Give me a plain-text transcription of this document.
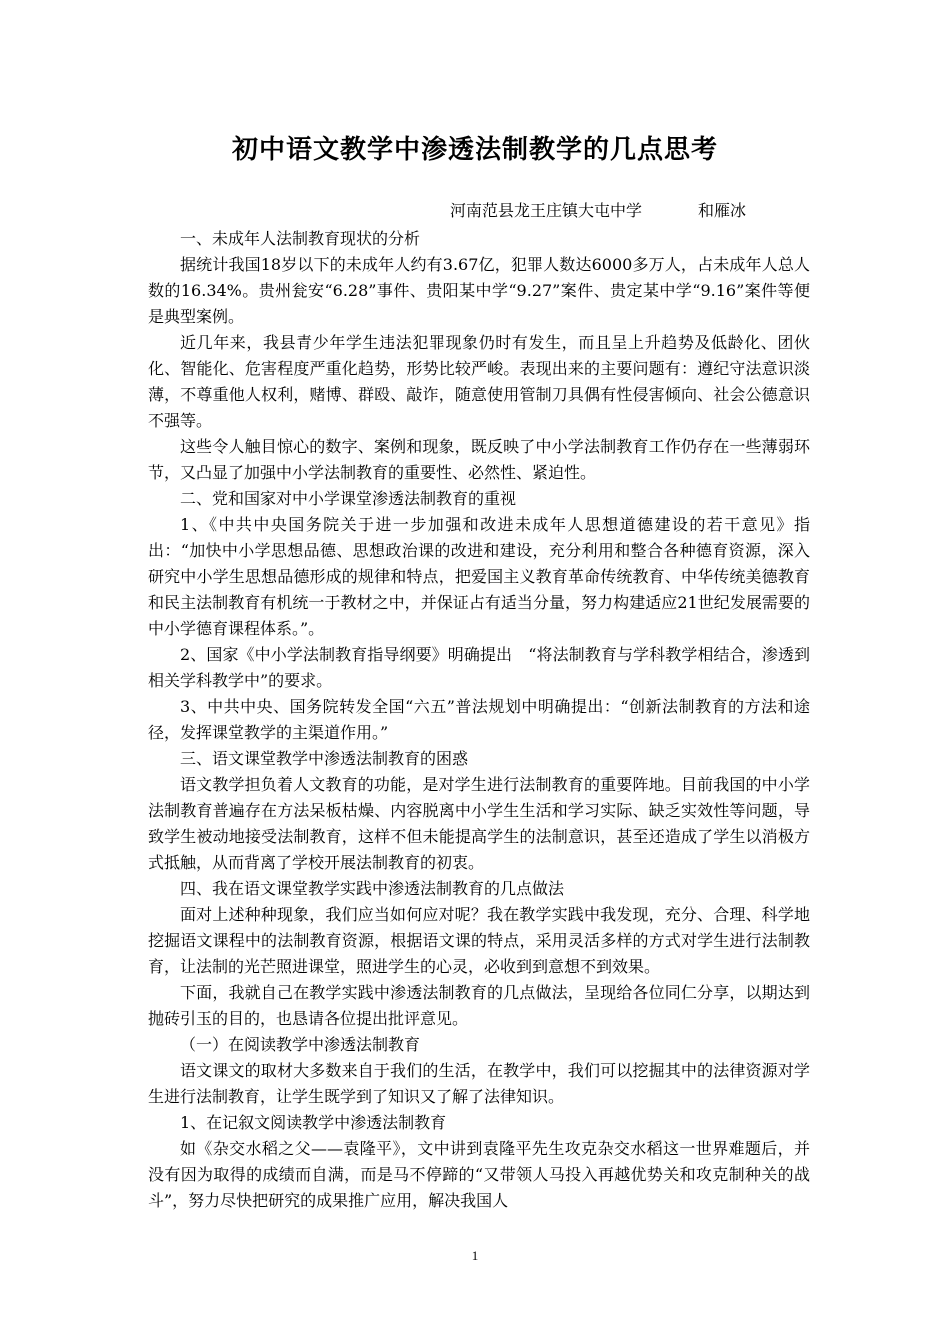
初中语文教学中渗透法制教学的几点思考
河南范县龙王庄镇大屯中学	和雁冰

一、未成年人法制教育现状的分析

据统计我国18岁以下的未成年人约有3.67亿，犯罪人数达6000多万人，占未成年人总人数的16.34%。贵州瓮安“6.28”事件、贵阳某中学“9.27”案件、贵定某中学“9.16”案件等便是典型案例。

近几年来，我县青少年学生违法犯罪现象仍时有发生，而且呈上升趋势及低龄化、团伙化、智能化、危害程度严重化趋势，形势比较严峻。表现出来的主要问题有：遵纪守法意识淡薄，不尊重他人权利，赌博、群殴、敲诈，随意使用管制刀具偶有性侵害倾向、社会公德意识不强等。

这些令人触目惊心的数字、案例和现象，既反映了中小学法制教育工作仍存在一些薄弱环节，又凸显了加强中小学法制教育的重要性、必然性、紧迫性。

二、党和国家对中小学课堂渗透法制教育的重视

1、《中共中央国务院关于进一步加强和改进未成年人思想道德建设的若干意见》指出：“加快中小学思想品德、思想政治课的改进和建设，充分利用和整合各种德育资源，深入研究中小学生思想品德形成的规律和特点，把爱国主义教育革命传统教育、中华传统美德教育和民主法制教育有机统一于教材之中，并保证占有适当分量，努力构建适应21世纪发展需要的中小学德育课程体系。”。

2、国家《中小学法制教育指导纲要》明确提出　“将法制教育与学科教学相结合，渗透到相关学科教学中”的要求。

3、中共中央、国务院转发全国“六五”普法规划中明确提出：“创新法制教育的方法和途径，发挥课堂教学的主渠道作用。”

三、语文课堂教学中渗透法制教育的困惑

语文教学担负着人文教育的功能，是对学生进行法制教育的重要阵地。目前我国的中小学法制教育普遍存在方法呆板枯燥、内容脱离中小学生生活和学习实际、缺乏实效性等问题，导致学生被动地接受法制教育，这样不但未能提高学生的法制意识，甚至还造成了学生以消极方式抵触，从而背离了学校开展法制教育的初衷。

四、我在语文课堂教学实践中渗透法制教育的几点做法

面对上述种种现象，我们应当如何应对呢？我在教学实践中我发现，充分、合理、科学地挖掘语文课程中的法制教育资源，根据语文课的特点，采用灵活多样的方式对学生进行法制教育，让法制的光芒照进课堂，照进学生的心灵，必收到到意想不到效果。

下面，我就自己在教学实践中渗透法制教育的几点做法，呈现给各位同仁分享，以期达到抛砖引玉的目的，也恳请各位提出批评意见。

（一）在阅读教学中渗透法制教育

语文课文的取材大多数来自于我们的生活，在教学中，我们可以挖掘其中的法律资源对学生进行法制教育，让学生既学到了知识又了解了法律知识。

1、在记叙文阅读教学中渗透法制教育

如《杂交水稻之父——袁隆平》，文中讲到袁隆平先生攻克杂交水稻这一世界难题后，并没有因为取得的成绩而自满，而是马不停蹄的“又带领人马投入再越优势关和攻克制种关的战斗”，努力尽快把研究的成果推广应用，解决我国人

1
